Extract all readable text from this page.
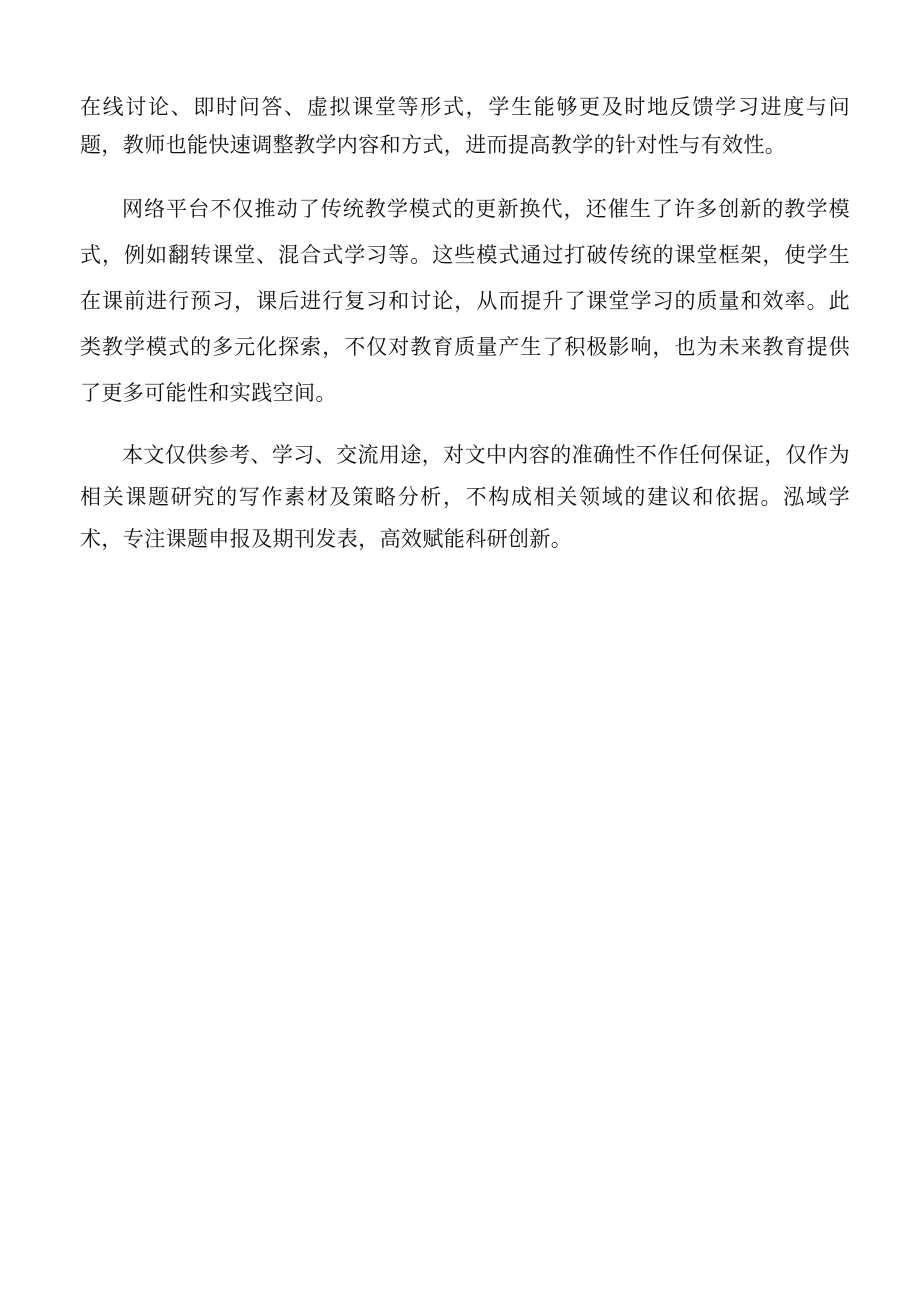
在线讨论、即时问答、虚拟课堂等形式，学生能够更及时地反馈学习进度与问题，教师也能快速调整教学内容和方式，进而提高教学的针对性与有效性。

网络平台不仅推动了传统教学模式的更新换代，还催生了许多创新的教学模式，例如翻转课堂、混合式学习等。这些模式通过打破传统的课堂框架，使学生在课前进行预习，课后进行复习和讨论，从而提升了课堂学习的质量和效率。此类教学模式的多元化探索，不仅对教育质量产生了积极影响，也为未来教育提供了更多可能性和实践空间。

本文仅供参考、学习、交流用途，对文中内容的准确性不作任何保证，仅作为相关课题研究的写作素材及策略分析，不构成相关领域的建议和依据。泓域学术，专注课题申报及期刊发表，高效赋能科研创新。
